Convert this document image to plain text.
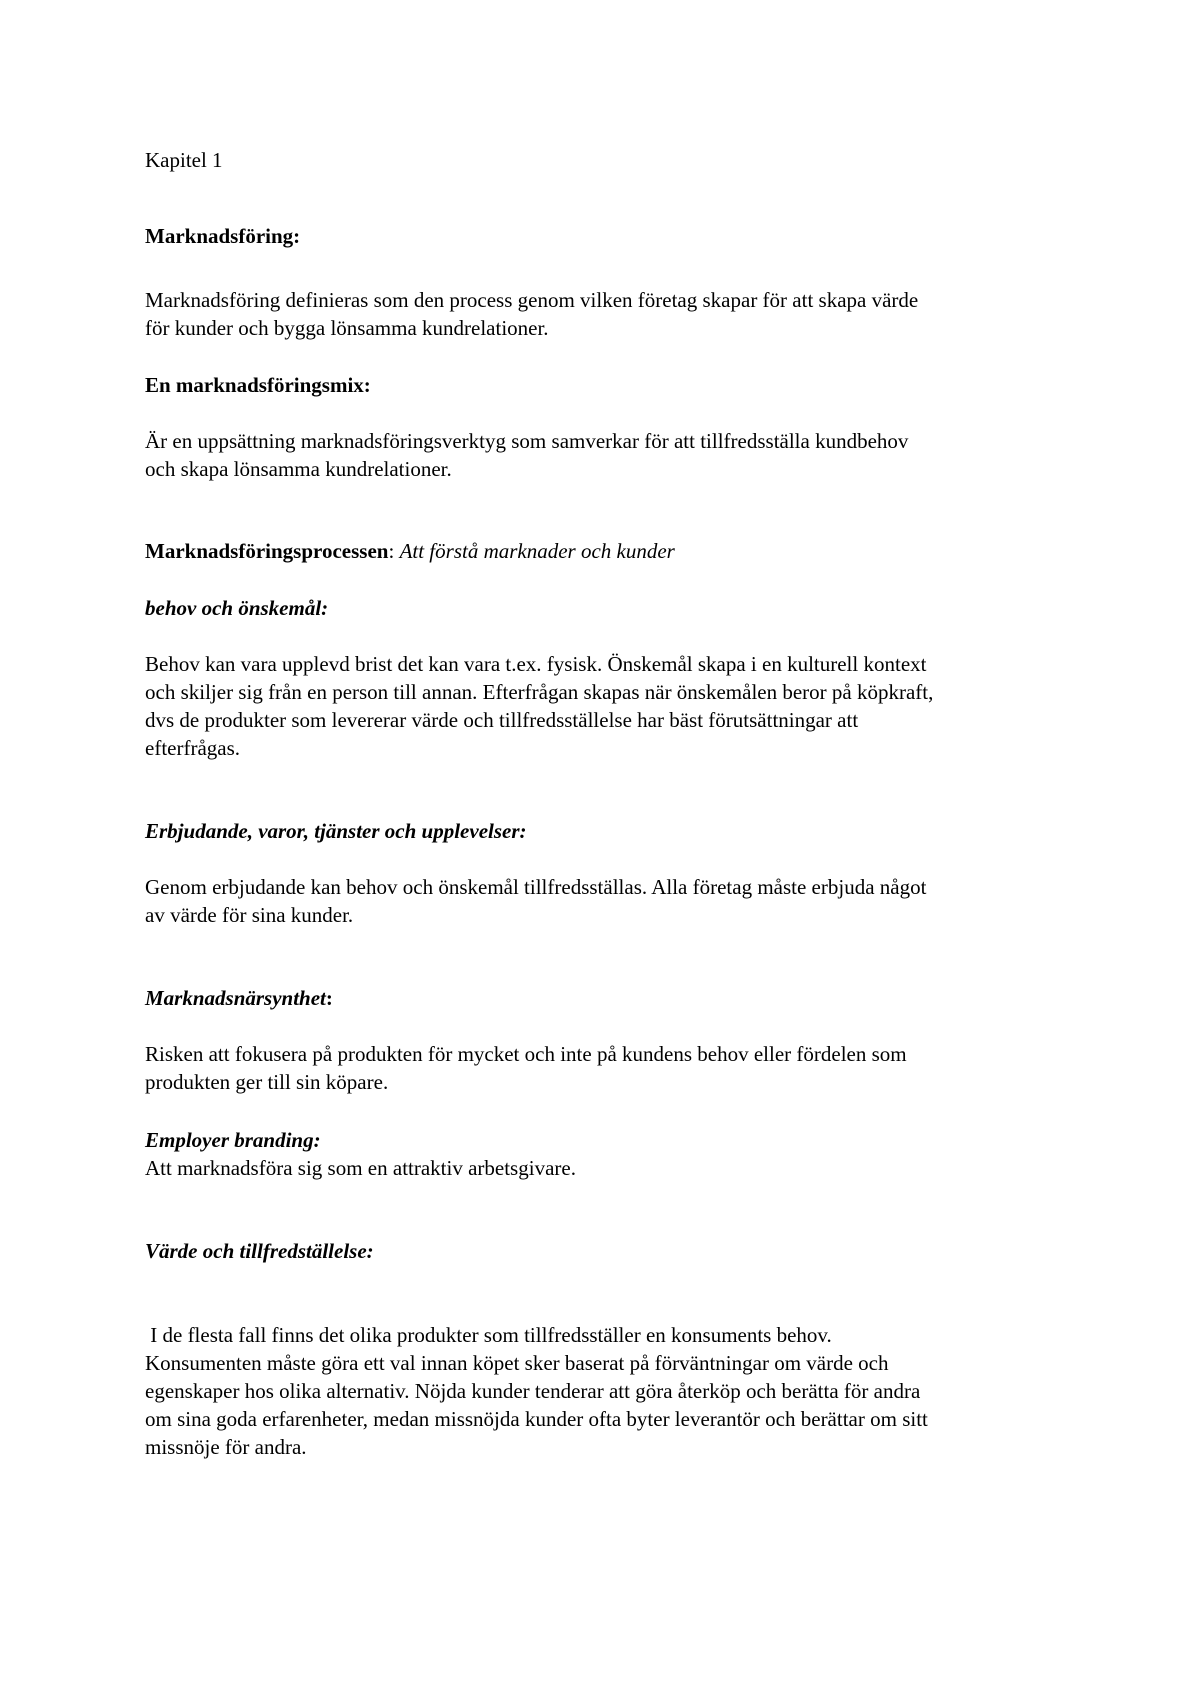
Kapitel 1

Marknadsföring:

Marknadsföring definieras som den process genom vilken företag skapar för att skapa värde

för kunder och bygga lönsamma kundrelationer.

En marknadsföringsmix:

Är en uppsättning marknadsföringsverktyg som samverkar för att tillfredsställa kundbehov

och skapa lönsamma kundrelationer.

Marknadsföringsprocessen: Att förstå marknader och kunder

behov och önskemål:

Behov kan vara upplevd brist det kan vara t.ex. fysisk. Önskemål skapa i en kulturell kontext

och skiljer sig från en person till annan. Efterfrågan skapas när önskemålen beror på köpkraft,

dvs de produkter som levererar värde och tillfredsställelse har bäst förutsättningar att

efterfrågas.

Erbjudande, varor, tjänster och upplevelser:

Genom erbjudande kan behov och önskemål tillfredsställas. Alla företag måste erbjuda något

av värde för sina kunder.

Marknadsnärsynthet:

Risken att fokusera på produkten för mycket och inte på kundens behov eller fördelen som

produkten ger till sin köpare.

Employer branding:

Att marknadsföra sig som en attraktiv arbetsgivare.

Värde och tillfredställelse:

I de flesta fall finns det olika produkter som tillfredsställer en konsuments behov.

Konsumenten måste göra ett val innan köpet sker baserat på förväntningar om värde och

egenskaper hos olika alternativ. Nöjda kunder tenderar att göra återköp och berätta för andra

om sina goda erfarenheter, medan missnöjda kunder ofta byter leverantör och berättar om sitt

missnöje för andra.
